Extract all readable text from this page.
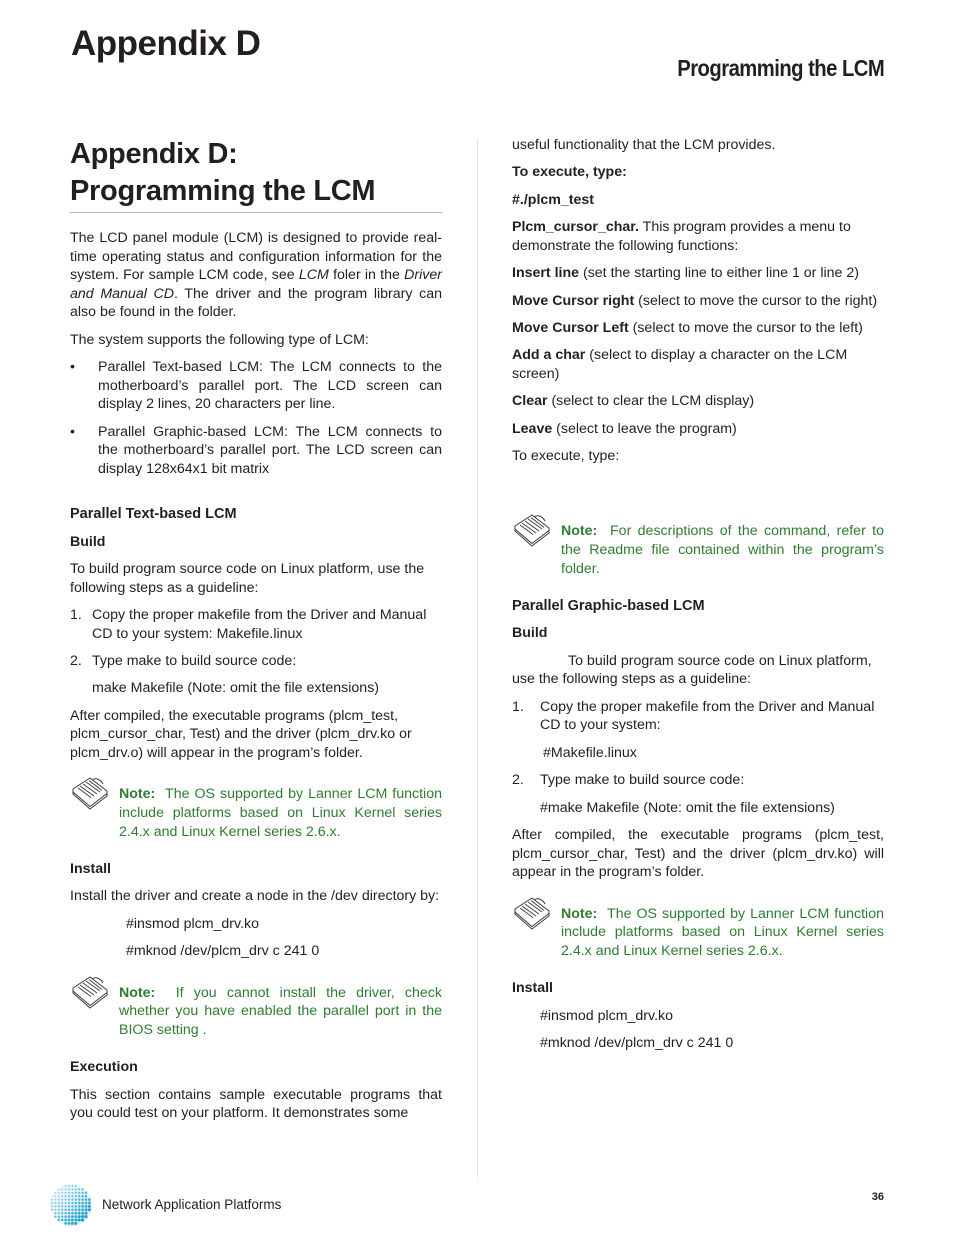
Appendix D
Programming the LCM
Appendix D:
Programming the LCM

The LCD panel module (LCM) is designed to provide real-time operating status and configuration information for the system. For sample LCM code, see LCM foler in the Driver and Manual CD. The driver and the program library can also be found in the folder.

The system supports the following type of LCM:

• Parallel Text-based LCM: The LCM connects to the motherboard’s parallel port. The LCD screen can display 2 lines, 20 characters per line.
• Parallel Graphic-based LCM: The LCM connects to the motherboard’s parallel port. The LCD screen can display 128x64x1 bit matrix

Parallel Text-based LCM

Build

To build program source code on Linux platform, use the following steps as a guideline:

1. Copy the proper makefile from the Driver and Manual CD to your system: Makefile.linux

2. Type make to build source code:

make Makefile (Note: omit the file extensions)

After compiled, the executable programs (plcm_test, plcm_cursor_char, Test) and the driver (plcm_drv.ko or plcm_drv.o) will appear in the program’s folder.

Note: The OS supported by Lanner LCM function include platforms based on Linux Kernel series 2.4.x and Linux Kernel series 2.6.x.

Install

Install the driver and create a node in the /dev directory by:

#insmod plcm_drv.ko

#mknod /dev/plcm_drv c 241 0

Note: If you cannot install the driver, check whether you have enabled the parallel port in the BIOS setting .

Execution

This section contains sample executable programs that you could test on your platform. It demonstrates some

useful functionality that the LCM provides.

To execute, type:

#./plcm_test

Plcm_cursor_char. This program provides a menu to demonstrate the following functions:

Insert line (set the starting line to either line 1 or line 2)

Move Cursor right (select to move the cursor to the right)

Move Cursor Left (select to move the cursor to the left)

Add a char (select to display a character on the LCM screen)

Clear (select to clear the LCM display)

Leave (select to leave the program)

To execute, type:

Note: For descriptions of the command, refer to the Readme file contained within the program’s folder.

Parallel Graphic-based LCM

Build

To build program source code on Linux platform, use the following steps as a guideline:

1. Copy the proper makefile from the Driver and Manual CD to your system:

#Makefile.linux

2. Type make to build source code:

#make Makefile (Note: omit the file extensions)

After compiled, the executable programs (plcm_test, plcm_cursor_char, Test) and the driver (plcm_drv.ko) will appear in the program’s folder.

Note: The OS supported by Lanner LCM function include platforms based on Linux Kernel series 2.4.x and Linux Kernel series 2.6.x.

Install

#insmod plcm_drv.ko

#mknod /dev/plcm_drv c 241 0

Network Application Platforms	36
